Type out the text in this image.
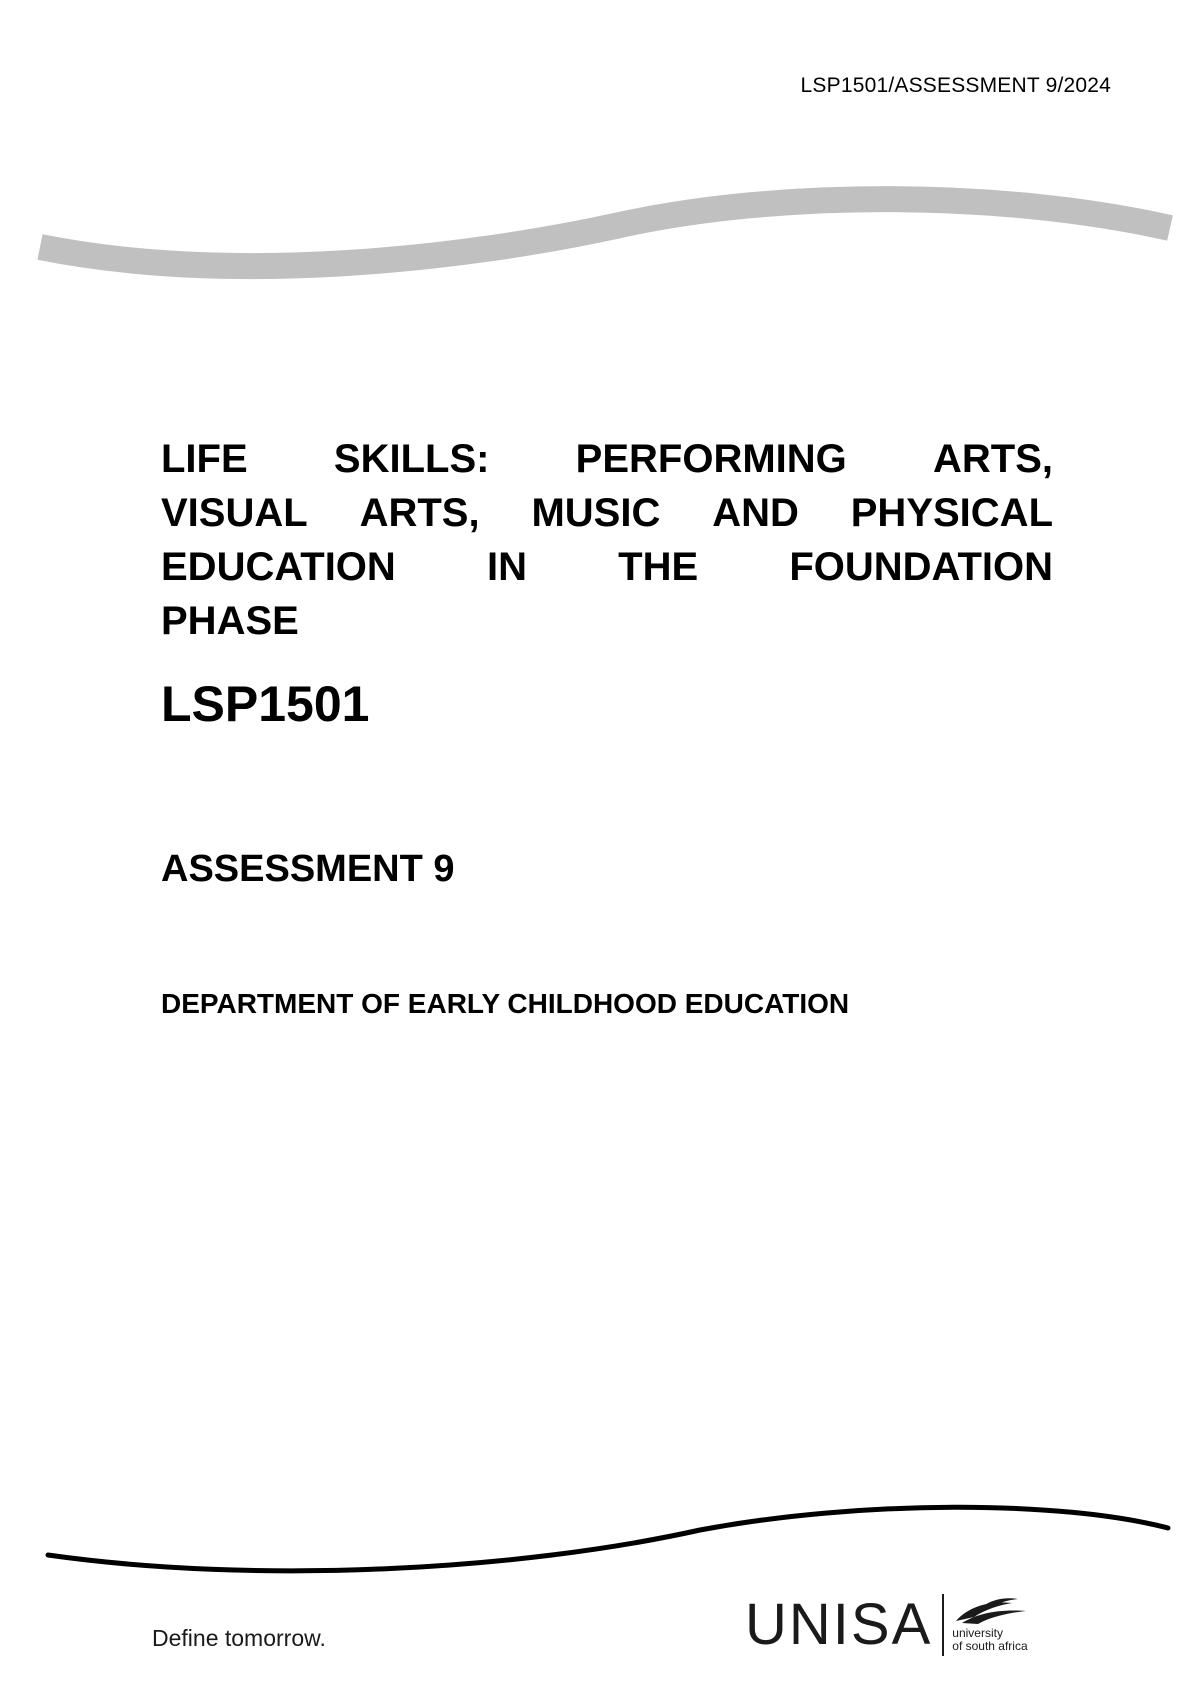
LSP1501/ASSESSMENT 9/2024
LIFE SKILLS: PERFORMING ARTS,
VISUAL ARTS, MUSIC AND PHYSICAL
EDUCATION IN THE FOUNDATION
PHASE
LSP1501
ASSESSMENT 9
DEPARTMENT OF EARLY CHILDHOOD EDUCATION
Define tomorrow.	UNISA university
of south africa
